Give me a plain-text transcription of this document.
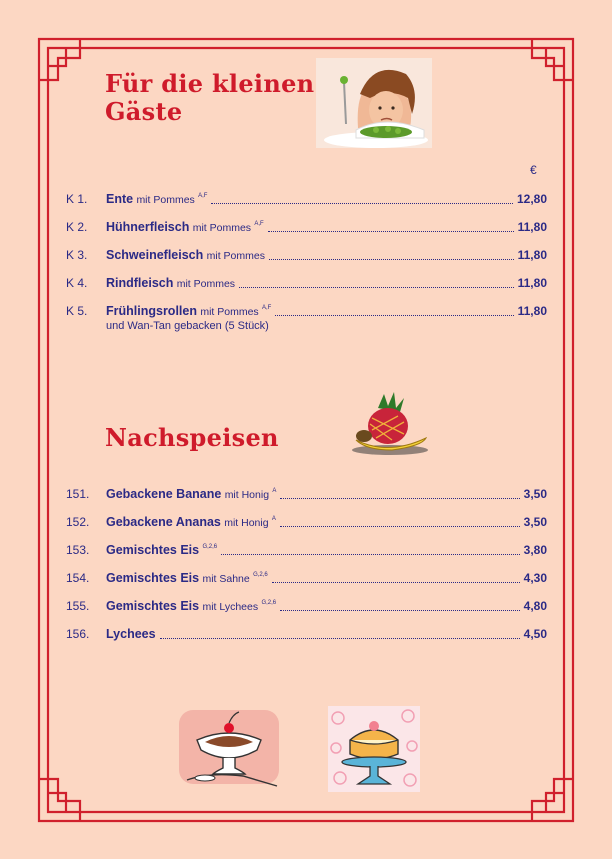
Für die kleinen
Gäste
€
K 1. Ente mit Pommes $^{A,F}$	12,80
K 2. Hühnerfleisch mit Pommes $^{A,F}$	11,80
K 3. Schweinefleisch mit Pommes	11,80
K 4. Rindfleisch mit Pommes	11,80
K 5. Frühlingsrollen mit Pommes $^{A,F}$	11,80
und Wan-Tan gebacken (5 Stück)
Nachspeisen
151. Gebackene Banane mit Honig $^A$	3,50
152. Gebackene Ananas mit Honig $^A$	3,50
153. Gemischtes Eis $^{G,2,6}$	3,80
154. Gemischtes Eis mit Sahne $^{G,2,6}$	4,30
155. Gemischtes Eis mit Lychees $^{G,2,6}$	4,80
156. Lychees	4,50
